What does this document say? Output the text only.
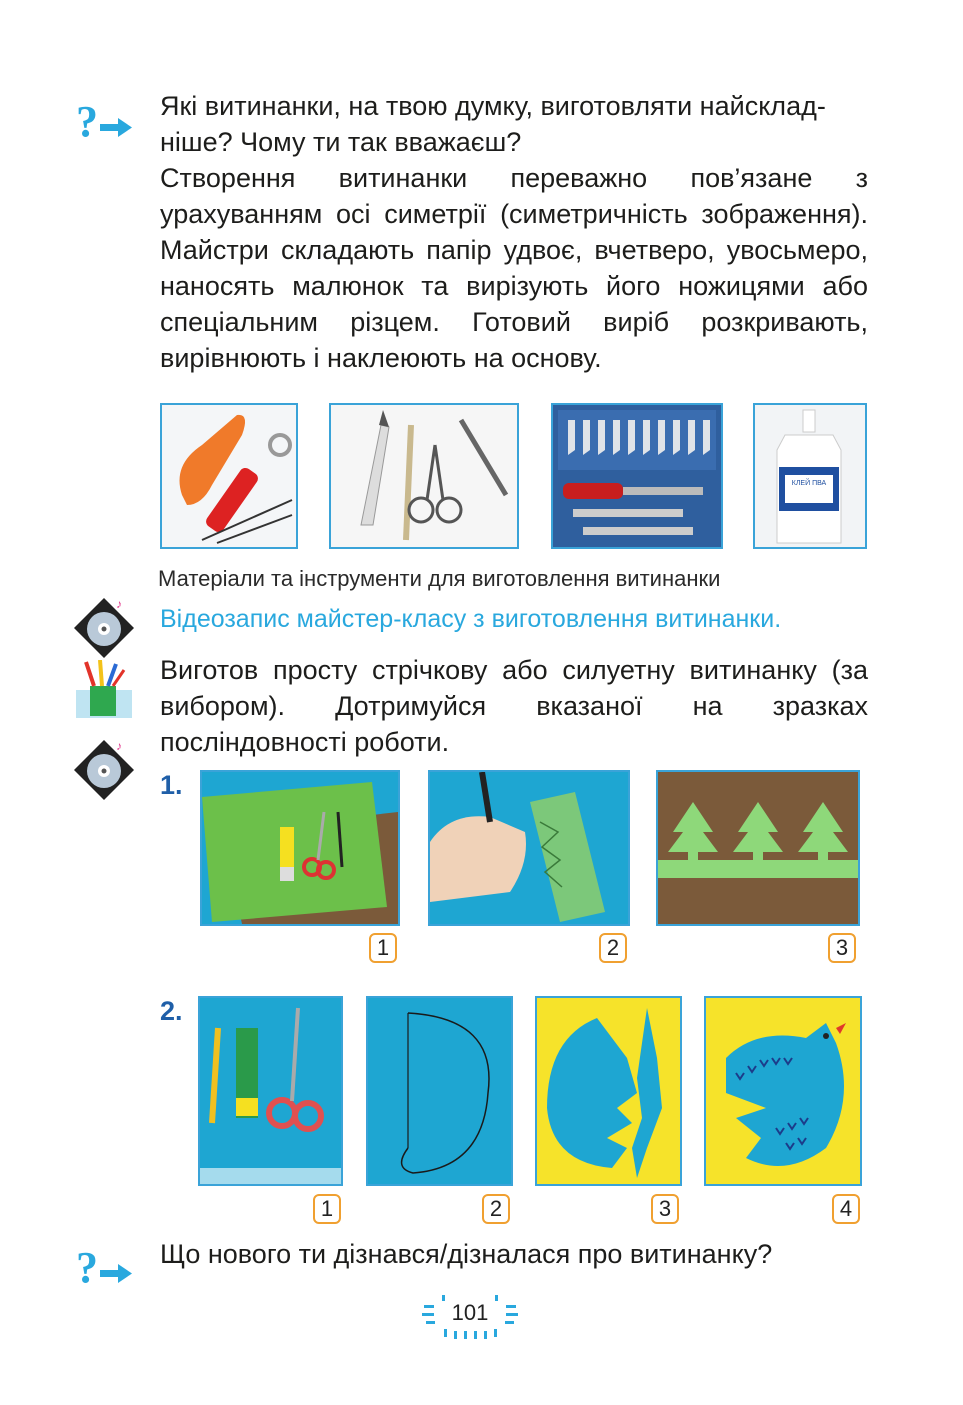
? Які витинанки, на твою думку, виготовляти найскладніше? Чому ти так вважаєш?
Створення витинанки переважно пов’язане з урахуванням осі симетрії (симетричність зображення). Майстри складають папір удвоє, вчетверо, увосьмеро, наносять малюнок та вирізують його ножицями або спеціальним різцем. Готовий виріб розкривають, вирівнюють і наклеюють на основу.
КЛЕЙ ПВА
Матеріали та інструменти для виготовлення витинанки
♪
Відеозапис майстер-класу з виготовлення витинанки.
Виготов просту стрічкову або силуетну витинанку (за вибором). Дотримуйся вказаної на зразках посліндовності роботи.
♪
1.
1	2	3
2.
1	2	3	4
? Що нового ти дізнався/дізналася про витинанку?
101
